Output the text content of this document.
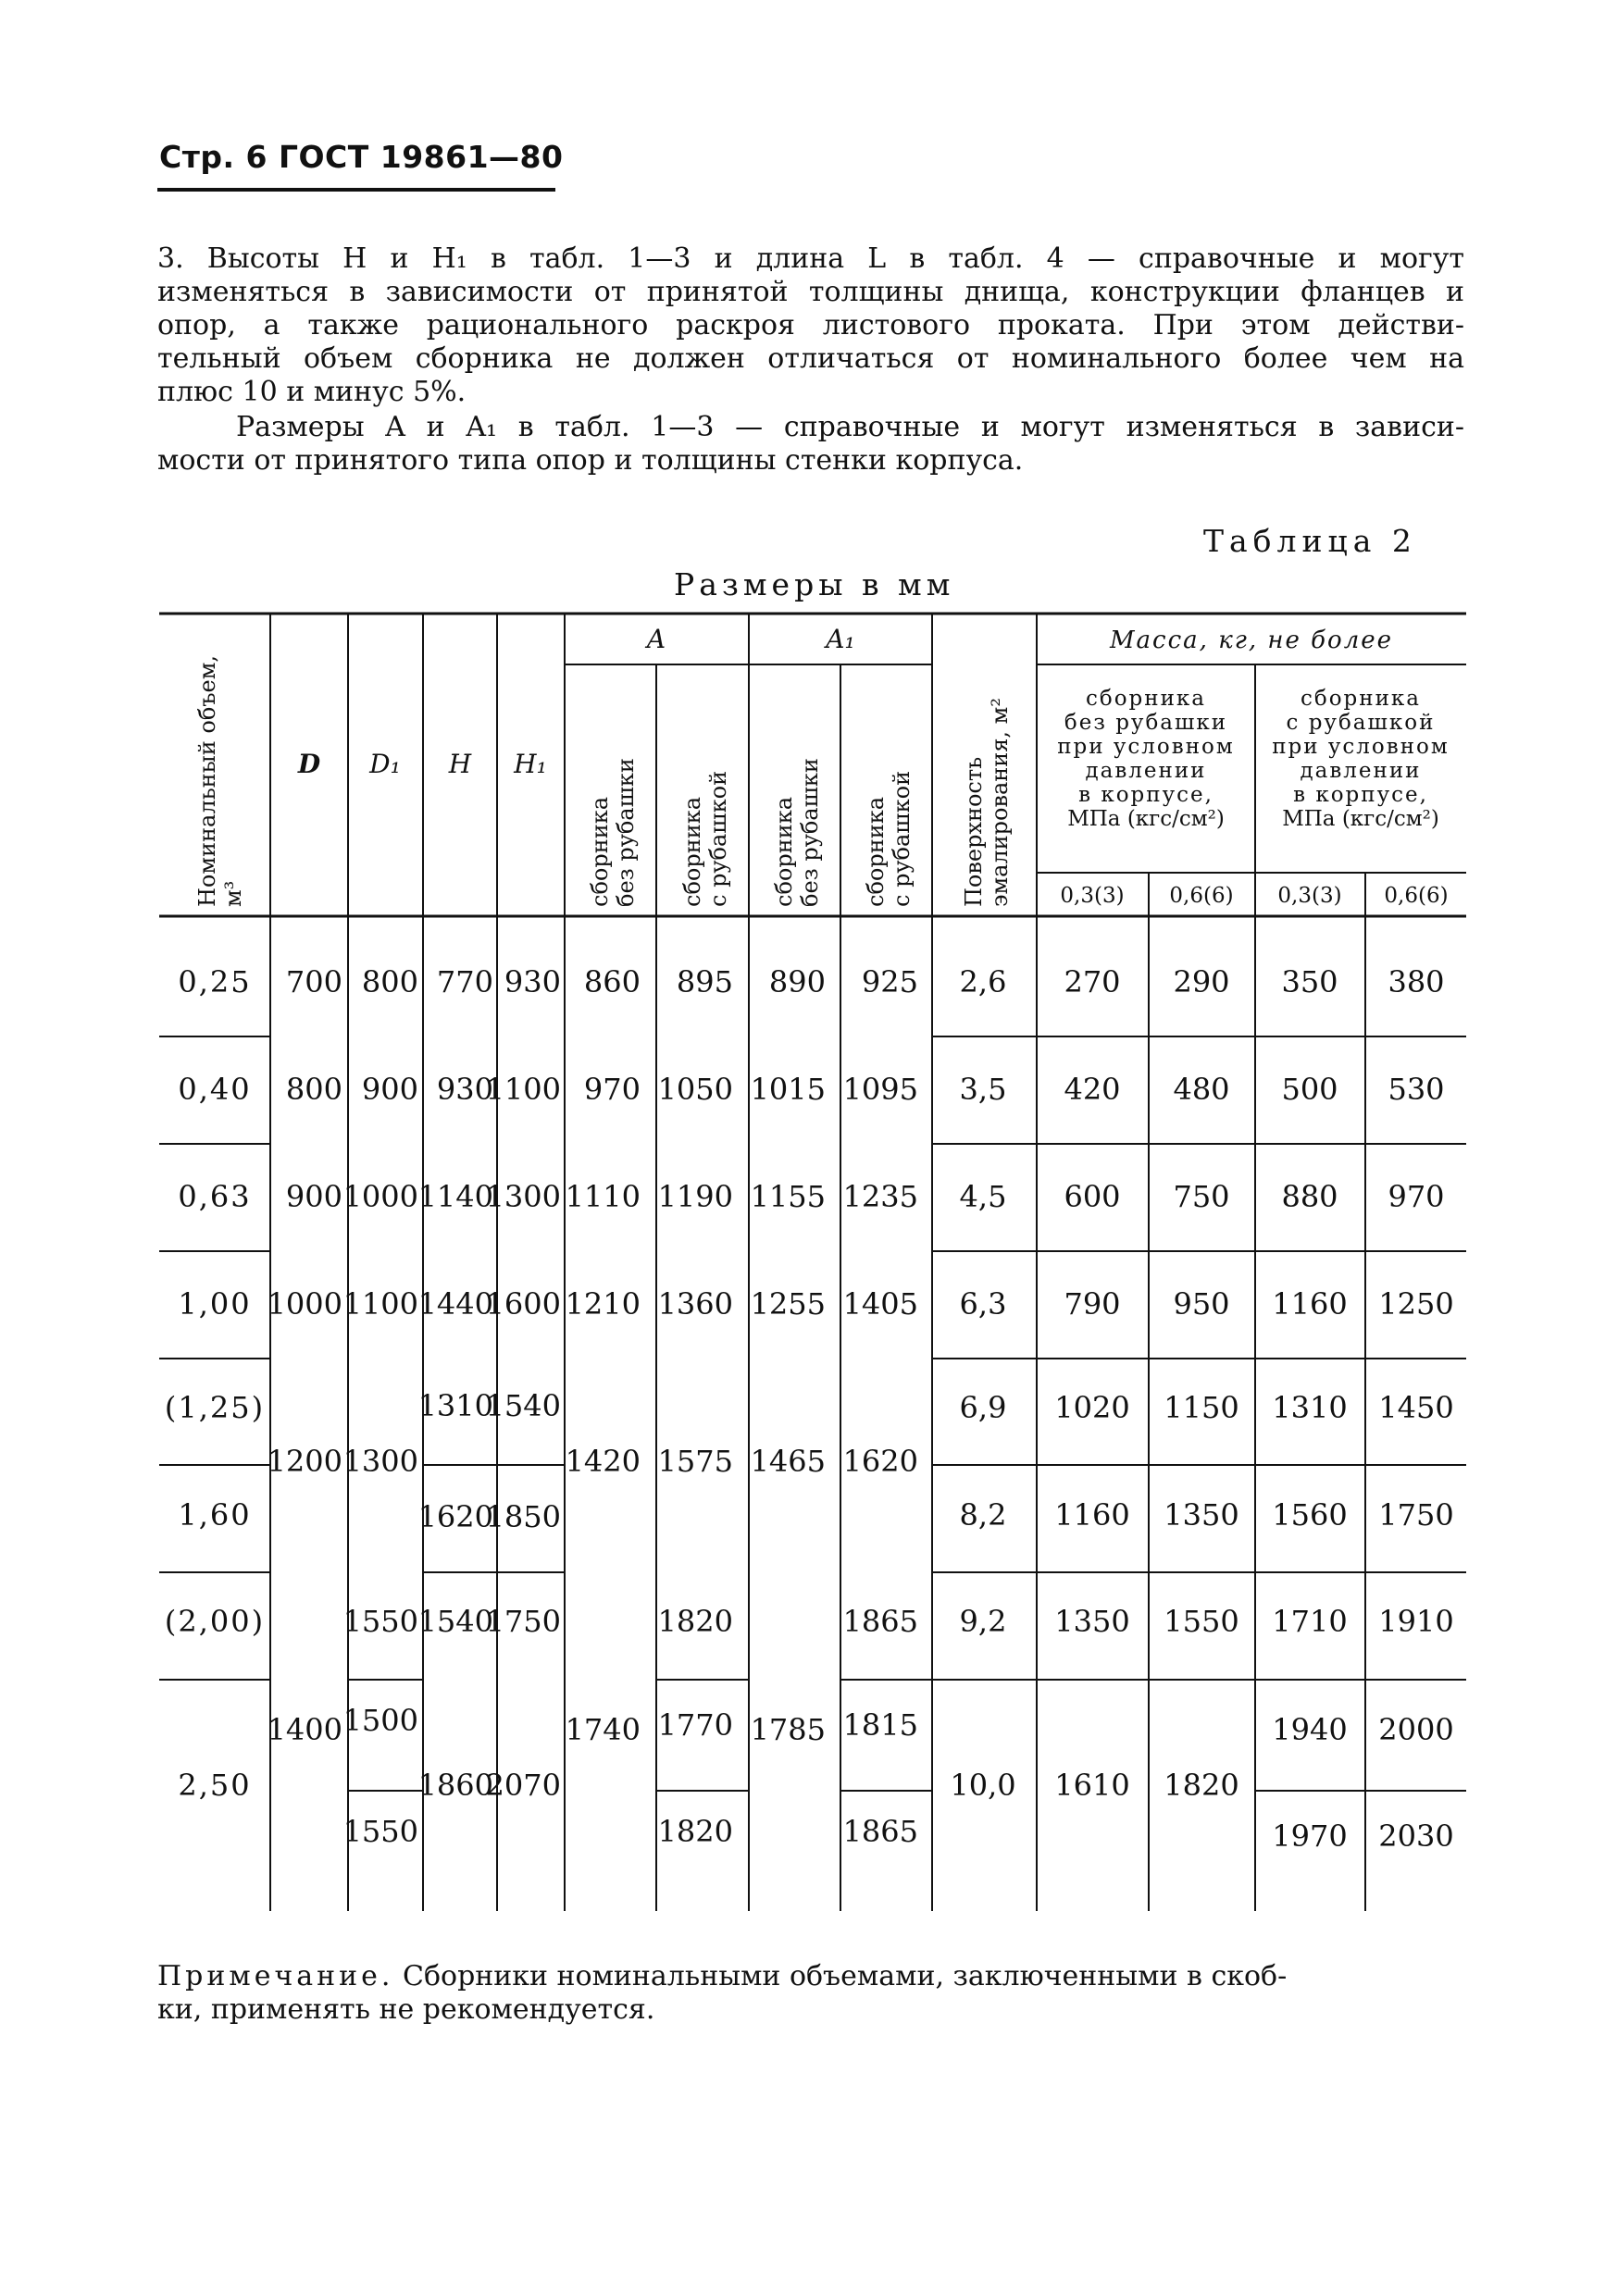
Стр. 6 ГОСТ 19861—80
3. Высоты H и H₁ в табл. 1—3 и длина L в табл. 4 — справочные и могут
изменяться в зависимости от принятой толщины днища, конструкции фланцев и
опор, а также рационального раскроя листового проката. При этом действи-
тельный объем сборника не должен отличаться от номинального более чем на
плюс 10 и минус 5%.
Размеры A и A₁ в табл. 1—3 — справочные и могут изменяться в зависи-
мости от принятого типа опор и толщины стенки корпуса.
Таблица 2
Размеры в мм
Номинальный объем, м³
D D₁ H H₁
A	A₁
сборника без рубашки сборника с рубашкой сборника без рубашки сборника с рубашкой Поверхность эмалирования, м²
Масса, кг, не более
сборника
без рубашки
при условном
давлении
в корпусе,
МПа (кгс/см²)
сборника
с рубашкой
при условном
давлении
в корпусе,
МПа (кгс/см²)
0,3(3) 0,6(6) 0,3(3) 0,6(6)
0,25 700 800 770 930 860 895 890 925 2,6 270 290 350 380
0,40 800 900 930
1100 970 1050 1015 1095 3,5 420 480 500 530
0,63 900 1000 1140
1300 1110 1190 1155 1235 4,5 600 750 880 970
1,00 1000 1100 1440
1600 1210 1360 1255 1405 6,3 790 950 1160 1250
(1,25)
1,60
1200 1300
1310
1620
1540
1850
1420 1575 1465 1620
6,9
8,2
1020
1160
1150
1350
1310
1560
1450
1750
(2,00)
2,50
1400
1550
1500
1550
1540
1860
1750
2070
1740
1820
1770
1820
1785
1865
1815
1865
9,2
10,0
1350
1610
1550
1820
1710
1940
1970
1910
2000
2030
Примечание. Сборники номинальными объемами, заключенными в скоб-
ки, применять не рекомендуется.
